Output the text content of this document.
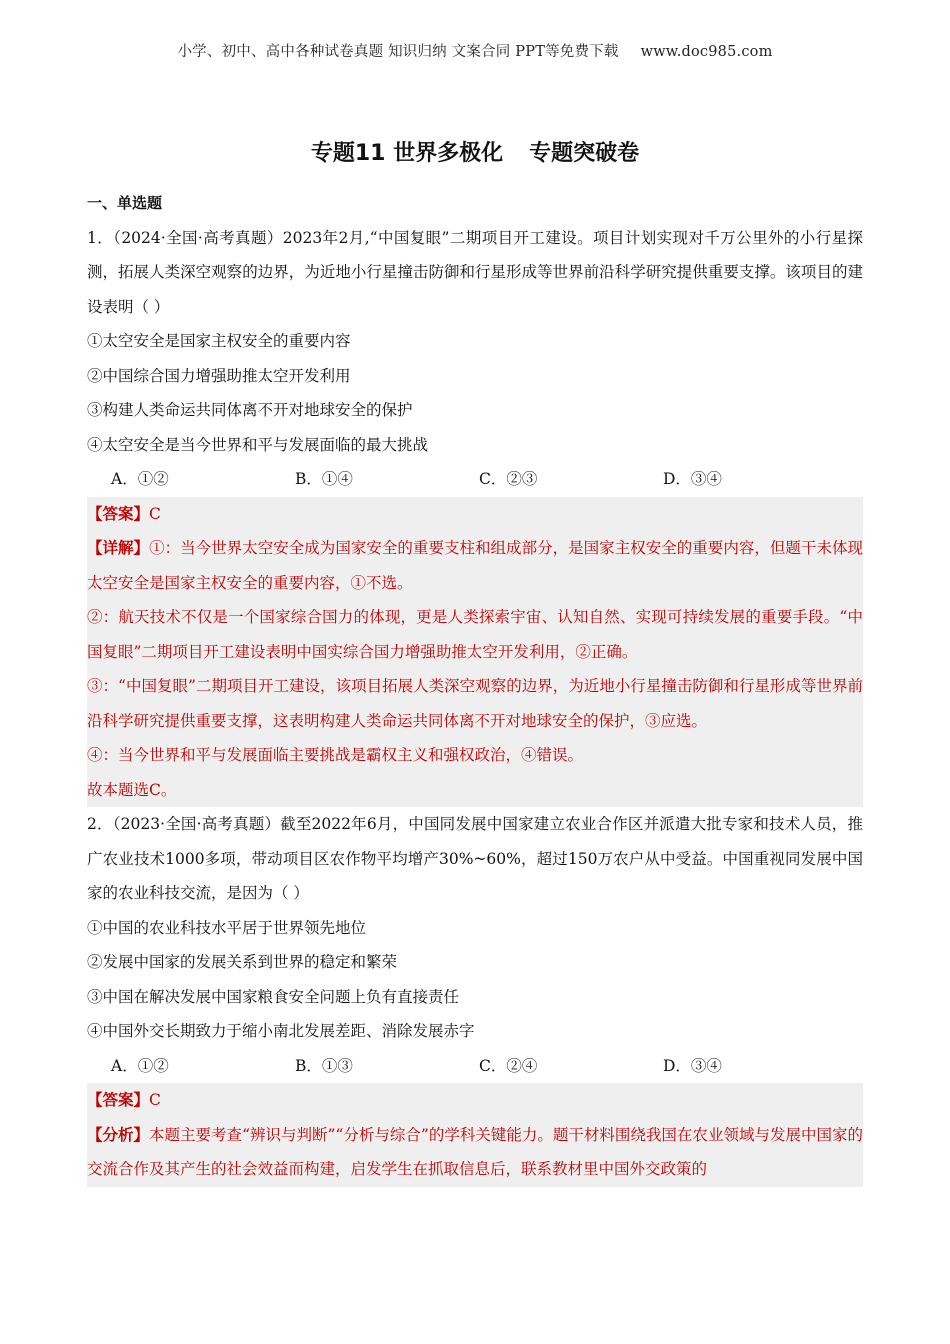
小学、初中、高中各种试卷真题 知识归纳 文案合同 PPT等免费下载 www.doc985.com
专题11 世界多极化 专题突破卷
一、单选题

1．（2024·全国·高考真题）2023年2月,“中国复眼”二期项目开工建设。项目计划实现对千万公里外的小行星探测，拓展人类深空观察的边界，为近地小行星撞击防御和行星形成等世界前沿科学研究提供重要支撑。该项目的建设表明（ ）

①太空安全是国家主权安全的重要内容

②中国综合国力增强助推太空开发利用

③构建人类命运共同体离不开对地球安全的保护

④太空安全是当今世界和平与发展面临的最大挑战

A．①②	B．①④	C．②③	D．③④

【答案】C

【详解】①：当今世界太空安全成为国家安全的重要支柱和组成部分，是国家主权安全的重要内容，但题干未体现太空安全是国家主权安全的重要内容，①不选。

②：航天技术不仅是一个国家综合国力的体现，更是人类探索宇宙、认知自然、实现可持续发展的重要手段。“中国复眼”二期项目开工建设表明中国实综合国力增强助推太空开发利用，②正确。

③：“中国复眼”二期项目开工建设，该项目拓展人类深空观察的边界，为近地小行星撞击防御和行星形成等世界前沿科学研究提供重要支撑，这表明构建人类命运共同体离不开对地球安全的保护，③应选。

④：当今世界和平与发展面临主要挑战是霸权主义和强权政治，④错误。

故本题选C。

2．（2023·全国·高考真题）截至2022年6月，中国同发展中国家建立农业合作区并派遣大批专家和技术人员，推广农业技术1000多项，带动项目区农作物平均增产30%~60%，超过150万农户从中受益。中国重视同发展中国家的农业科技交流，是因为（ ）

①中国的农业科技水平居于世界领先地位

②发展中国家的发展关系到世界的稳定和繁荣

③中国在解决发展中国家粮食安全问题上负有直接责任

④中国外交长期致力于缩小南北发展差距、消除发展赤字

A．①②	B．①③	C．②④	D．③④

【答案】C

【分析】本题主要考查“辨识与判断”“分析与综合”的学科关键能力。题干材料围绕我国在农业领域与发展中国家的交流合作及其产生的社会效益而构建，启发学生在抓取信息后，联系教材里中国外交政策的
